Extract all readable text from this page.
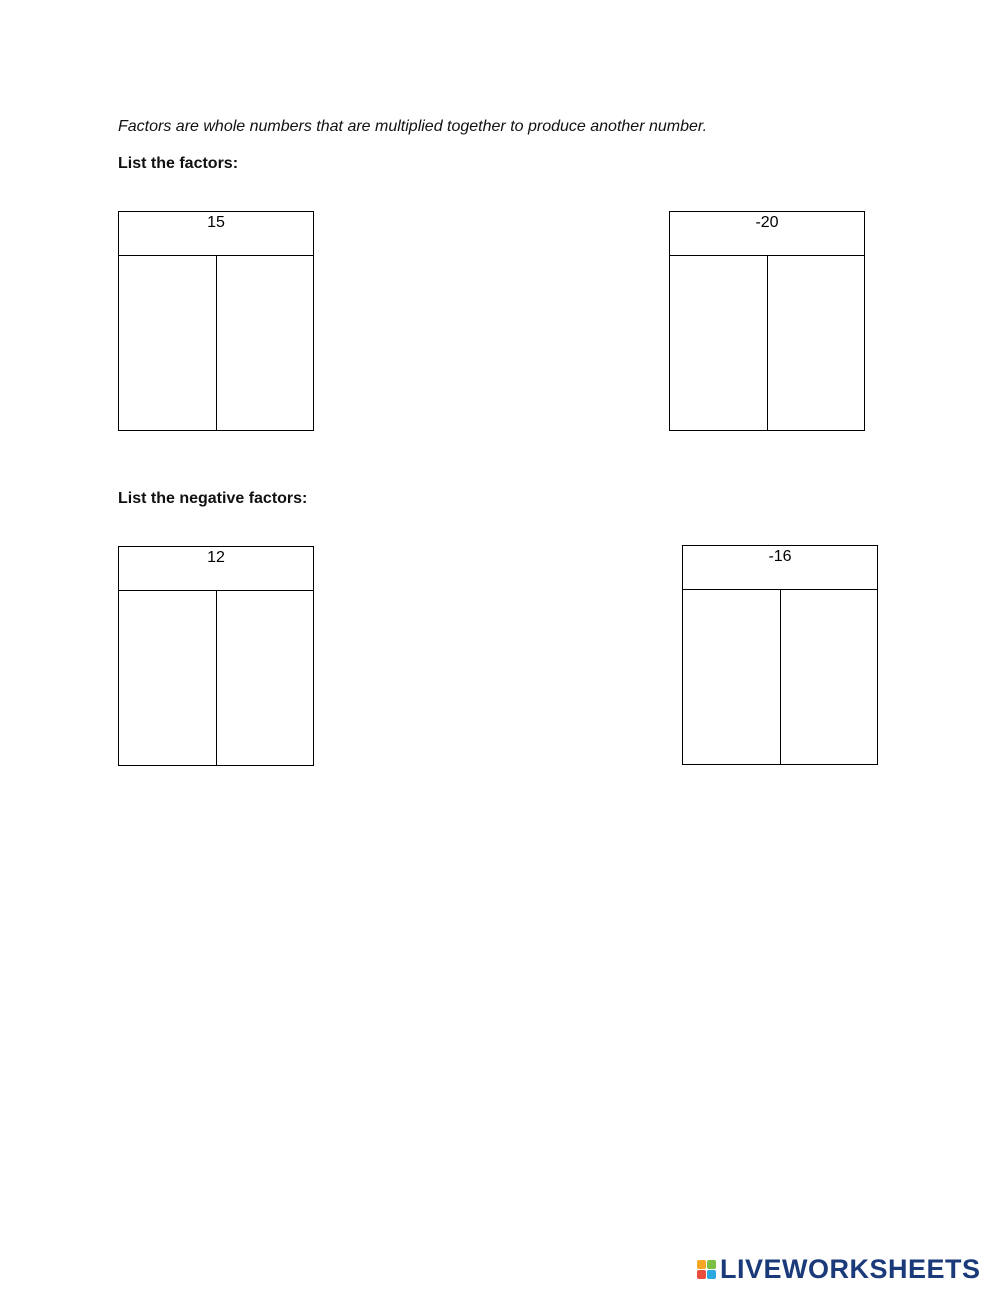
Factors are whole numbers that are multiplied together to produce another number.
List the factors:
15	-20
List the negative factors:
12	-16
LIVEWORKSHEETS
